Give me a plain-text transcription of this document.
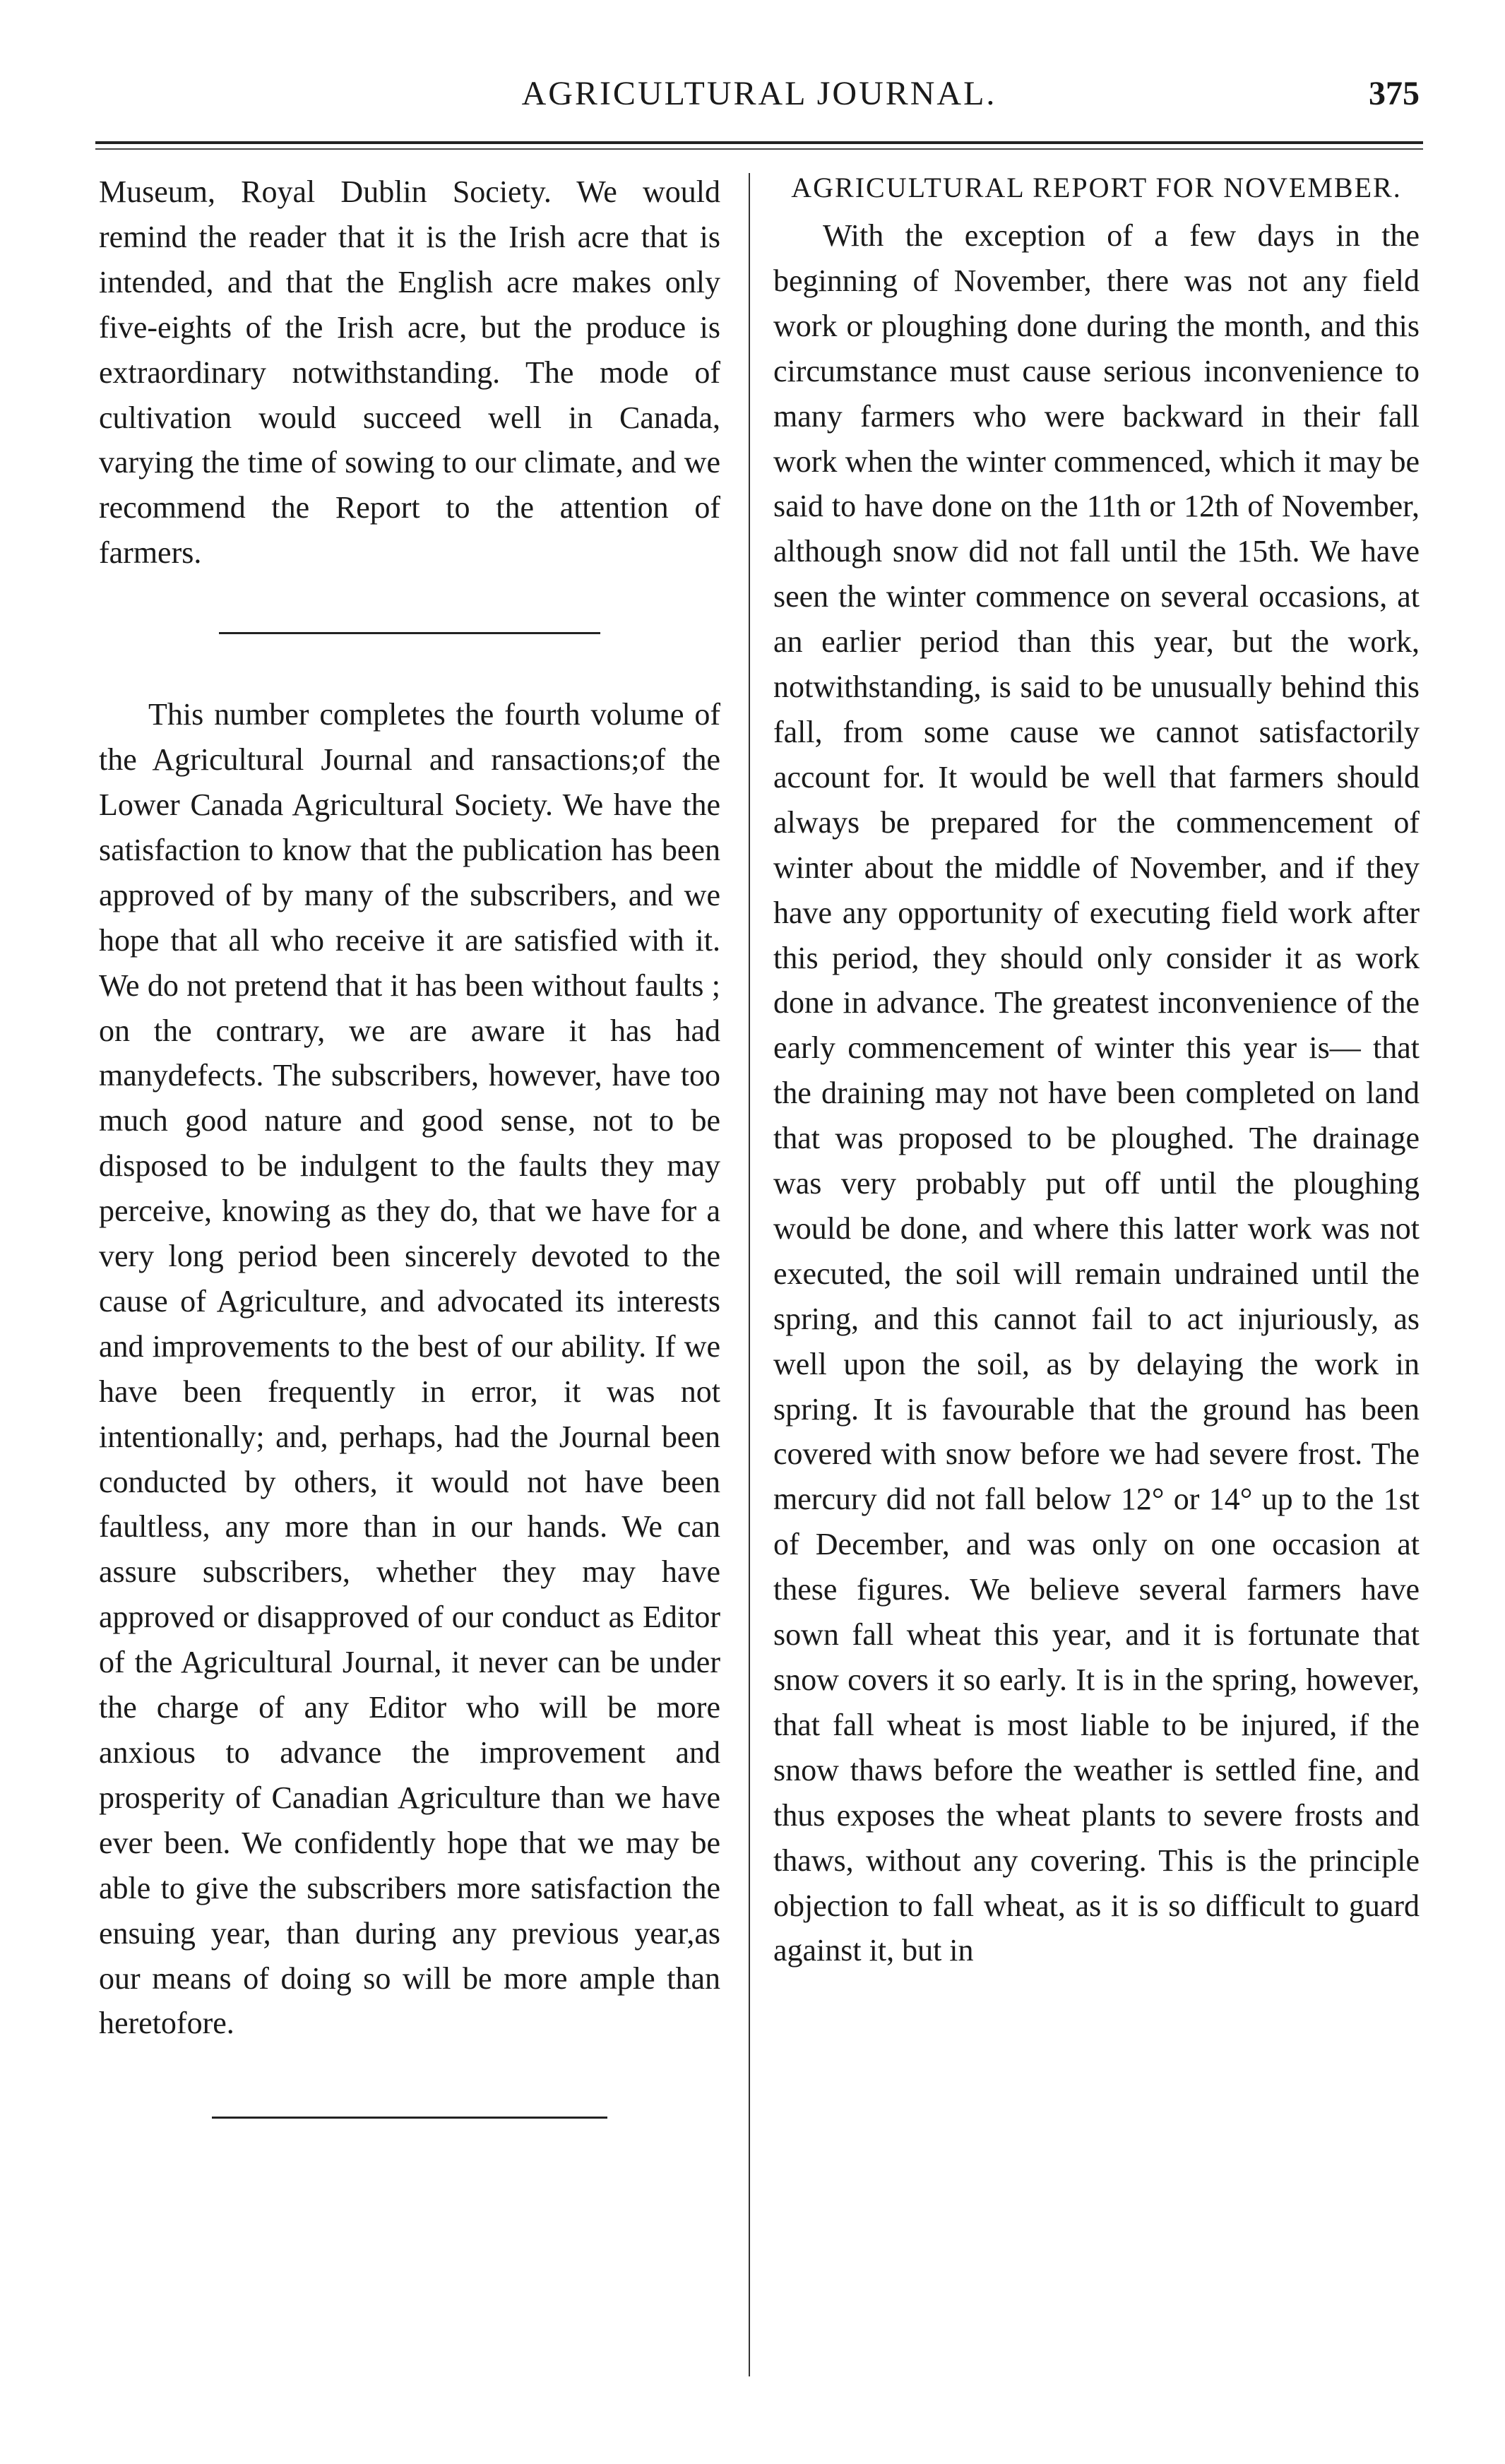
AGRICULTURAL JOURNAL.	375

Museum, Royal Dublin Society. We would remind the reader that it is the Irish acre that is intended, and that the English acre makes only five-eights of the Irish acre, but the produce is extraordinary notwithstanding. The mode of cultivation would succeed well in Canada, varying the time of sowing to our climate, and we recommend the Report to the attention of farmers.

This number completes the fourth volume of the Agricultural Journal and ransactions;of the Lower Canada Agricultural Society. We have the satisfaction to know that the publication has been approved of by many of the subscribers, and we hope that all who receive it are satisfied with it. We do not pretend that it has been without faults ; on the contrary, we are aware it has had manydefects. The subscribers, however, have too much good nature and good sense, not to be disposed to be indulgent to the faults they may perceive, knowing as they do, that we have for a very long period been sincerely devoted to the cause of Agriculture, and advocated its interests and improvements to the best of our ability. If we have been frequently in error, it was not intentionally; and, perhaps, had the Journal been conducted by others, it would not have been faultless, any more than in our hands. We can assure subscribers, whether they may have approved or disapproved of our conduct as Editor of the Agricultural Journal, it never can be under the charge of any Editor who will be more anxious to advance the improvement and prosperity of Canadian Agriculture than we have ever been. We confidently hope that we may be able to give the subscribers more satisfaction the ensuing year, than during any previous year,as our means of doing so will be more ample than heretofore.

AGRICULTURAL REPORT FOR NOVEMBER.

With the exception of a few days in the beginning of November, there was not any field work or ploughing done during the month, and this circumstance must cause serious inconvenience to many farmers who were backward in their fall work when the winter commenced, which it may be said to have done on the 11th or 12th of November, although snow did not fall until the 15th. We have seen the winter commence on several occasions, at an earlier period than this year, but the work, notwithstanding, is said to be unusually behind this fall, from some cause we cannot satisfactorily account for. It would be well that farmers should always be prepared for the commencement of winter about the middle of November, and if they have any opportunity of executing field work after this period, they should only consider it as work done in advance. The greatest inconvenience of the early commencement of winter this year is— that the draining may not have been completed on land that was proposed to be ploughed. The drainage was very probably put off until the ploughing would be done, and where this latter work was not executed, the soil will remain undrained until the spring, and this cannot fail to act injuriously, as well upon the soil, as by delaying the work in spring. It is favourable that the ground has been covered with snow before we had severe frost. The mercury did not fall below 12° or 14° up to the 1st of December, and was only on one occasion at these figures. We believe several farmers have sown fall wheat this year, and it is fortunate that snow covers it so early. It is in the spring, however, that fall wheat is most liable to be injured, if the snow thaws before the weather is settled fine, and thus exposes the wheat plants to severe frosts and thaws, without any covering. This is the principle objection to fall wheat, as it is so difficult to guard against it, but in
